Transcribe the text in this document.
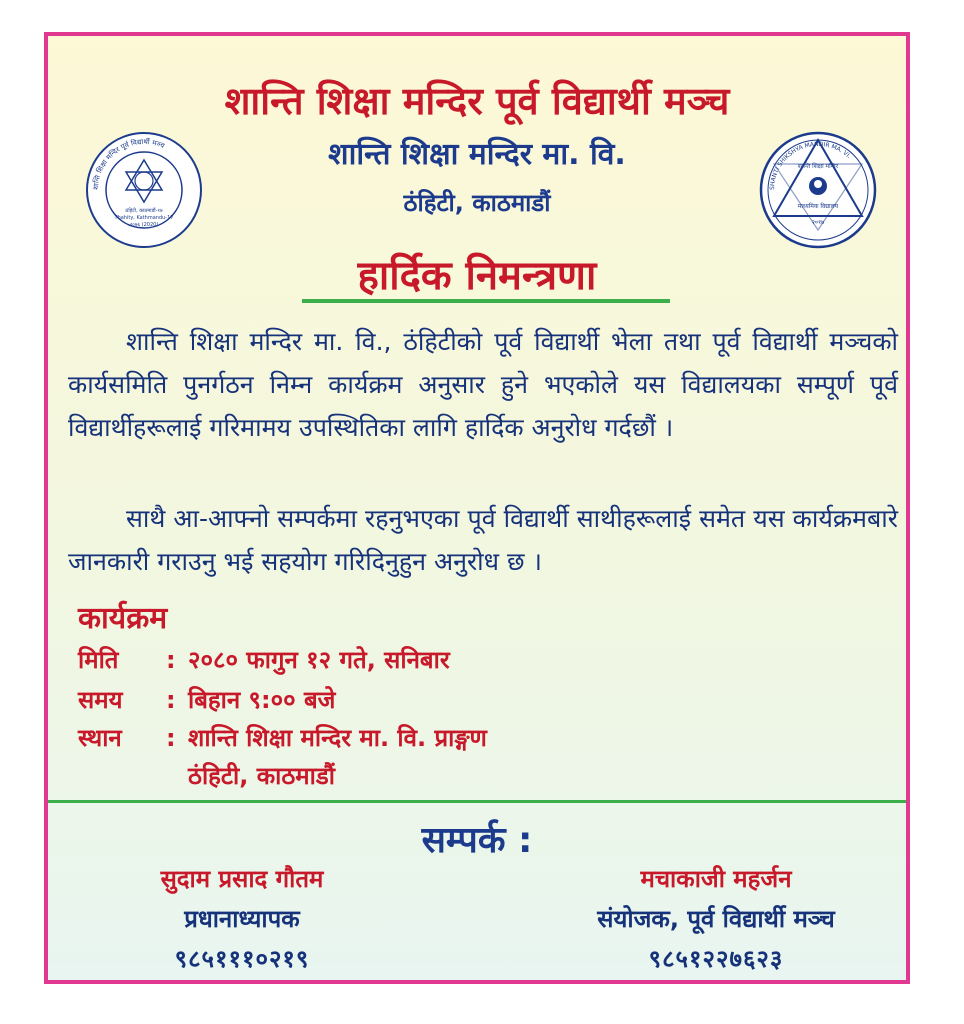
शान्ति शिक्षा मन्दिर पूर्व विद्यार्थी मञ्च
शान्ति शिक्षा मन्दिर मा. वि.
ठंहिटी, काठमाडौं
शान्ति शिक्षा मन्दिर पूर्व विद्यार्थी मञ्च
ठंहिटी, काठमाडौं-१७
Thahity, Kathmandu-17
२०७६ (2020)
SHANTI SHIKSHYA MANDIR MA. VI.
शान्ति शिक्षा मन्दिर
माध्यमिक विद्यालय
२०१७
हार्दिक निमन्त्रणा

शान्ति शिक्षा मन्दिर मा. वि., ठंहिटीको पूर्व विद्यार्थी भेला तथा पूर्व विद्यार्थी मञ्चको कार्यसमिति पुनर्गठन निम्न कार्यक्रम अनुसार हुने भएकोले यस विद्यालयका सम्पूर्ण पूर्व विद्यार्थीहरूलाई गरिमामय उपस्थितिका लागि हार्दिक अनुरोध गर्दछौं ।

साथै आ-आफ्नो सम्पर्कमा रहनुभएका पूर्व विद्यार्थी साथीहरूलाई समेत यस कार्यक्रमबारे जानकारी गराउनु भई सहयोग गरिदिनुहुन अनुरोध छ ।

कार्यक्रम
मिति : २०८० फागुन १२ गते, सनिबार
समय : बिहान ९:०० बजे
स्थान : शान्ति शिक्षा मन्दिर मा. वि. प्राङ्गण
ठंहिटी, काठमाडौं
सम्पर्क :
सुदाम प्रसाद गौतम
प्रधानाध्यापक
९८५१११०२१९
मचाकाजी महर्जन
संयोजक, पूर्व विद्यार्थी मञ्च
९८५१२२७६२३
